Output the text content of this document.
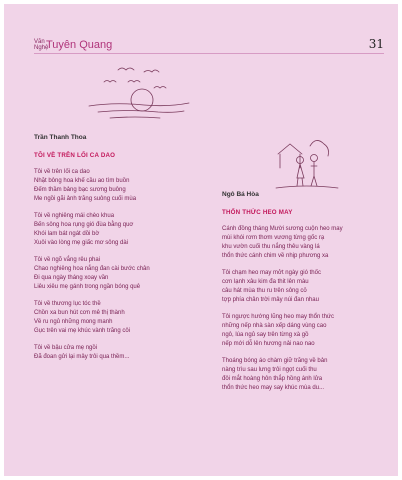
Văn Nghệ
Tuyên Quang	31
Trần Thanh Thoa
TÔI VỀ TRÊN LỐI CA DAO
Tôi về trên lối ca dao
Nhặt bông hoa khế cầu ao tìm buồn
Đếm thầm bảng bạc sương buông
Me ngồi gãi ảnh trăng suông cuối mùa
Tôi về nghiêng mái chèo khua
Bến sông hoa rụng gió đùa bằng quơ
Khói lam bát ngát dồi bờ
Xuôi vào lòng mẹ giấc mơ sông dài
Tôi về ngõ vắng rêu phai
Chao nghiêng hoa nắng đan cài bước chân
Đi qua ngày tháng xoay vần
Liêu xiêu mẹ gánh trong ngần bóng quê
Tôi về thương lục tóc thề
Chồn xa bun hút cơn mê thị thành
Về ru ngủ những mong manh
Gục trên vai mẹ khúc vành trăng côi
Tôi về bậu cửa mẹ ngồi
Đã đoan gửi lại mây trôi qua thềm...
Ngô Bá Hòa
THỔN THỨC HEO MAY
Cánh đồng tháng Mười sương cuộn heo may
mùi khói rơm thơm vương từng gốc rạ
khu vườn cuối thu nắng thêu vàng lá
thổn thức cánh chim về nhịp phương xa
Tôi chạm heo may mởt ngày gió thốc
cơn lạnh xâu kim đa thit lên màu
câu hát mùa thu ru trên sông cỏ
tợp phía chân trời mây núi đan nhau
Tôi ngược hướng lũng heo may thổn thức
những nếp nhà sàn xếp dáng vùng cao
ngô, lúa ngủ say trên từng xà gồ
nếp mới dỗ lên hương nải nao nao
Thoáng bóng áo chàm giữ trăng về bản
nàng trìu sau lưng trôi ngọt cuối thu
đôi mắt hoàng hôn thắp hồng ánh lửa
thổn thức heo may say khúc mùa du...
